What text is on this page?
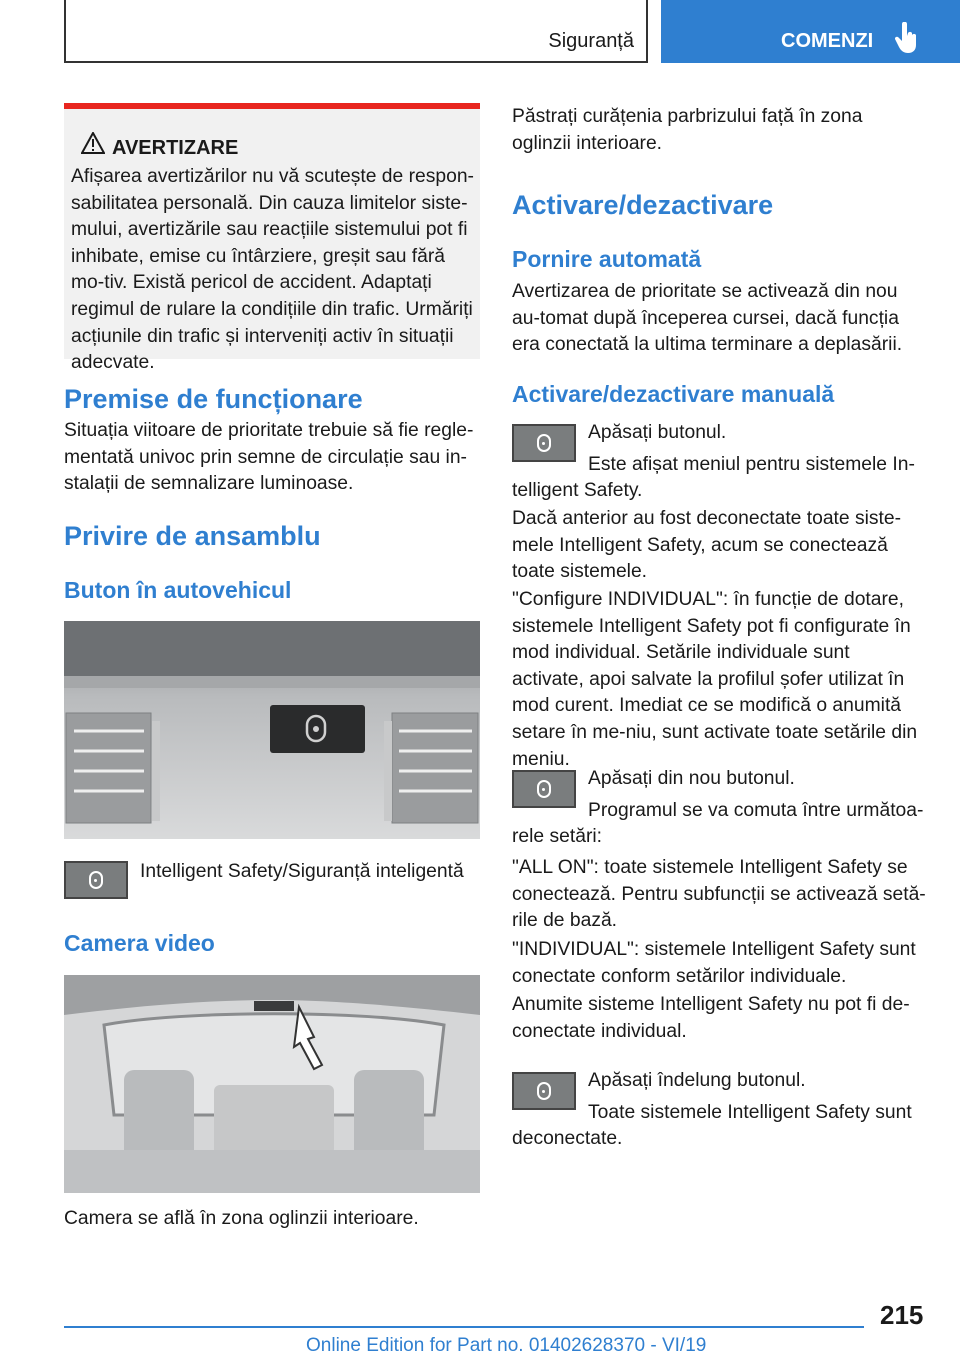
Siguranță	COMENZI
AVERTIZARE
Afișarea avertizărilor nu vă scutește de respon-sabilitatea personală. Din cauza limitelor siste-mului, avertizările sau reacțiile sistemului pot fi inhibate, emise cu întârziere, greșit sau fără mo-tiv. Există pericol de accident. Adaptați regimul de rulare la condițiile din trafic. Urmăriți acțiunile din trafic și interveniți activ în situații adecvate.
Premise de funcționare

Situația viitoare de prioritate trebuie să fie regle-mentată univoc prin semne de circulație sau in-stalații de semnalizare luminoase.

Privire de ansamblu
Buton în autovehicul

Intelligent Safety/Siguranță inteligentă

Camera video

Camera se află în zona oglinzii interioare.

Păstrați curățenia parbrizului față în zona oglinzii interioare.

Activare/dezactivare
Pornire automată

Avertizarea de prioritate se activează din nou au-tomat după începerea cursei, dacă funcția era conectată la ultima terminare a deplasării.

Activare/dezactivare manuală

Apăsați butonul.

Este afișat meniul pentru sistemele In-

telligent Safety.

Dacă anterior au fost deconectate toate siste-mele Intelligent Safety, acum se conectează toate sistemele.

"Configure INDIVIDUAL": în funcție de dotare, sistemele Intelligent Safety pot fi configurate în mod individual. Setările individuale sunt activate, apoi salvate la profilul șofer utilizat în mod curent. Imediat ce se modifică o anumită setare în me-niu, sunt activate toate setările din meniu.

Apăsați din nou butonul.

Programul se va comuta între următoa-

rele setări:

"ALL ON": toate sistemele Intelligent Safety se conectează. Pentru subfuncții se activează setă-rile de bază.

"INDIVIDUAL": sistemele Intelligent Safety sunt conectate conform setărilor individuale.

Anumite sisteme Intelligent Safety nu pot fi de-conectate individual.

Apăsați îndelung butonul.

Toate sistemele Intelligent Safety sunt

deconectate.

215
Online Edition for Part no. 01402628370 - VI/19
